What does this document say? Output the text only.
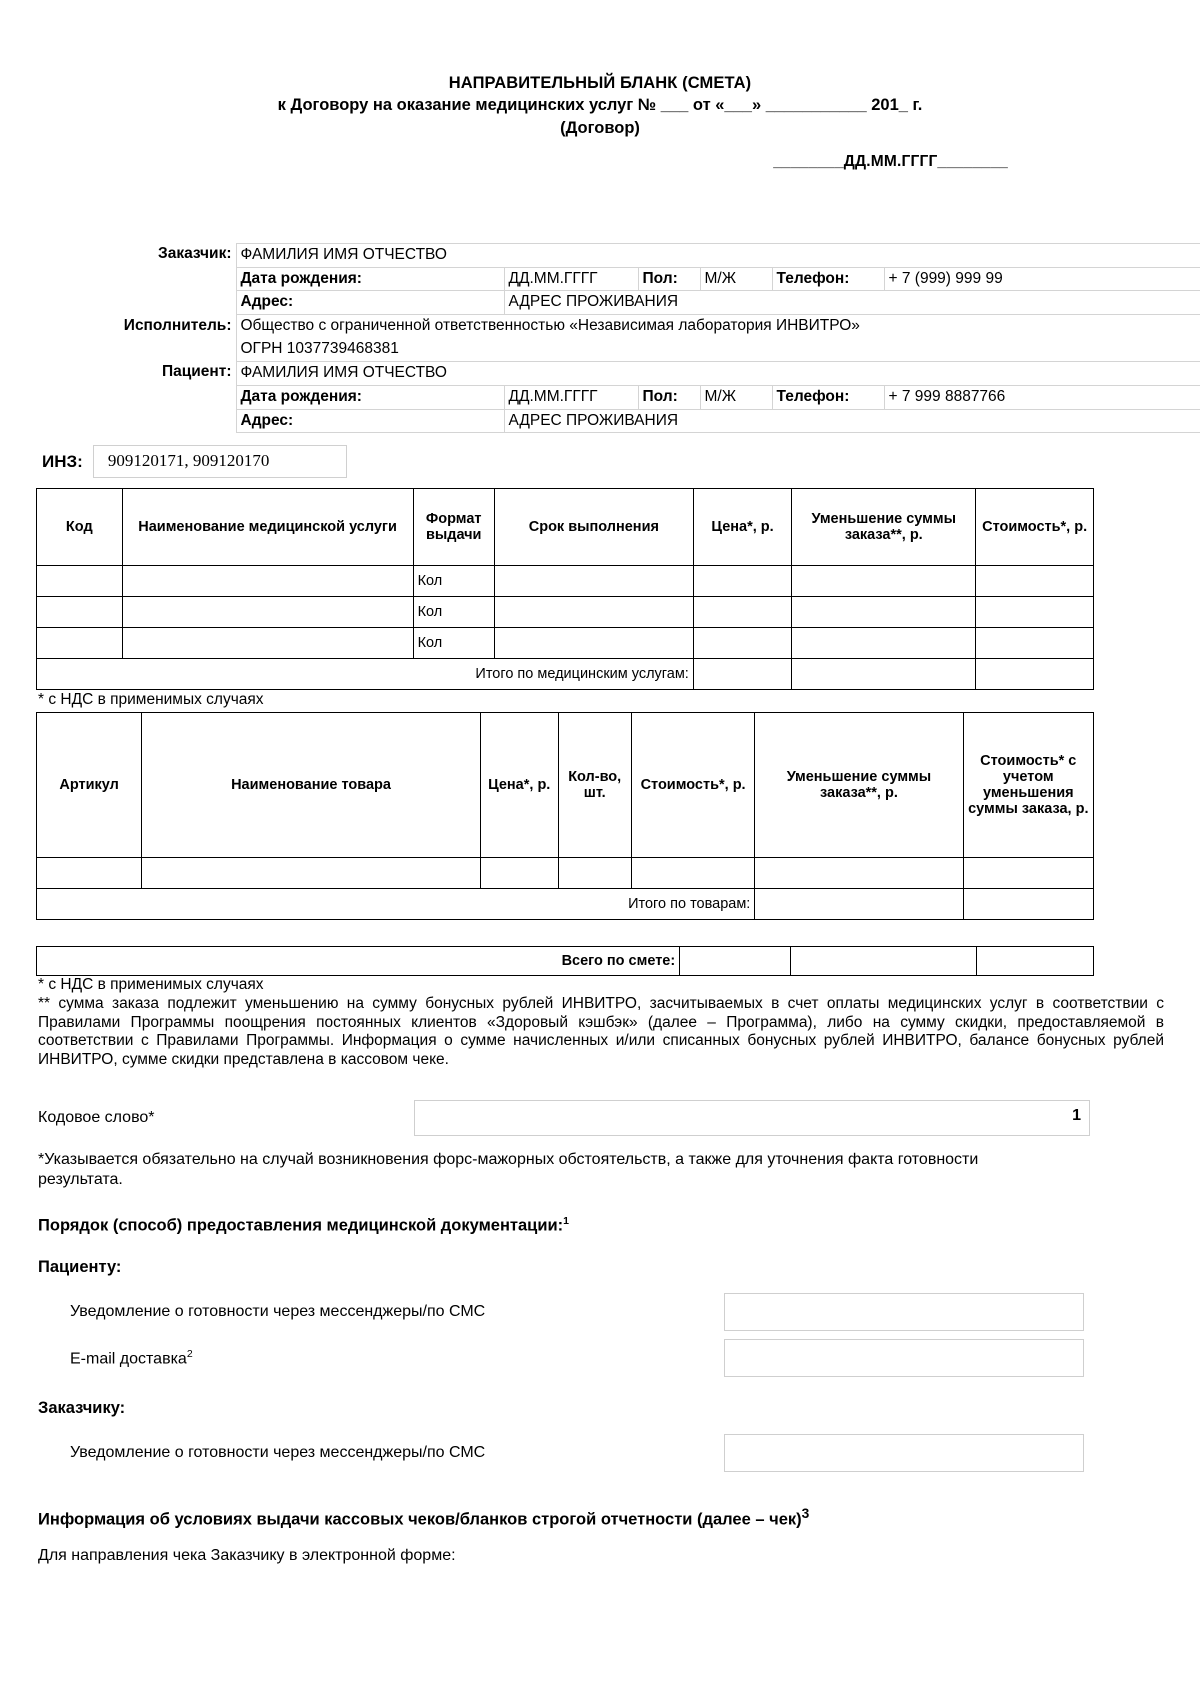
НАПРАВИТЕЛЬНЫЙ БЛАНК (СМЕТА)
к Договору на оказание медицинских услуг № ___ от «___» ___________ 201_ г.
(Договор)
________ДД.ММ.ГГГГ________
Заказчик:	ФАМИЛИЯ ИМЯ ОТЧЕСТВО					
	Дата рождения:	ДД.ММ.ГГГГ	Пол:	М/Ж	Телефон:	+ 7 (999) 999 99
	Адрес:	АДРЕС ПРОЖИВАНИЯ				
Исполнитель:	Общество с ограниченной ответственностью «Независимая лаборатория ИНВИТРО»					
	ОГРН 1037739468381					
Пациент:	ФАМИЛИЯ ИМЯ ОТЧЕСТВО					
	Дата рождения:	ДД.ММ.ГГГГ	Пол:	М/Ж	Телефон:	+ 7 999 8887766
	Адрес:	АДРЕС ПРОЖИВАНИЯ				
ИНЗ:	909120171, 909120170
Код	Наименование медицинской услуги	Формат выдачи	Срок выполнения	Цена*, р.	Уменьшение суммы заказа**, р.	Стоимость*, р.
		Кол				
		Кол				
		Кол				
Итого по медицинским услугам:						
* с НДС в применимых случаях
Артикул	Наименование товара	Цена*, р.	Кол-во, шт.	Стоимость*, р.	Уменьшение суммы заказа**, р.	Стоимость* с учетом уменьшения суммы заказа, р.

Итого по товарам:						
Всего по смете:			
* с НДС в применимых случаях
** сумма заказа подлежит уменьшению на сумму бонусных рублей ИНВИТРО, засчитываемых в счет оплаты медицинских услуг в соответствии с Правилами Программы поощрения постоянных клиентов «Здоровый кэшбэк» (далее – Программа), либо на сумму скидки, предоставляемой в соответствии с Правилами Программы. Информация о сумме начисленных и/или списанных бонусных рублей ИНВИТРО, балансе бонусных рублей ИНВИТРО, сумме скидки представлена в кассовом чеке.
Кодовое слово*	1
*Указывается обязательно на случай возникновения форс-мажорных обстоятельств, а также для уточнения факта готовности результата.
Порядок (способ) предоставления медицинской документации:$^1$
Пациенту:
Уведомление о готовности через мессенджеры/по СМС
E-mail доставка$^2$
Заказчику:
Уведомление о готовности через мессенджеры/по СМС
Информация об условиях выдачи кассовых чеков/бланков строгой отчетности (далее – чек)$^3$
Для направления чека Заказчику в электронной форме:
